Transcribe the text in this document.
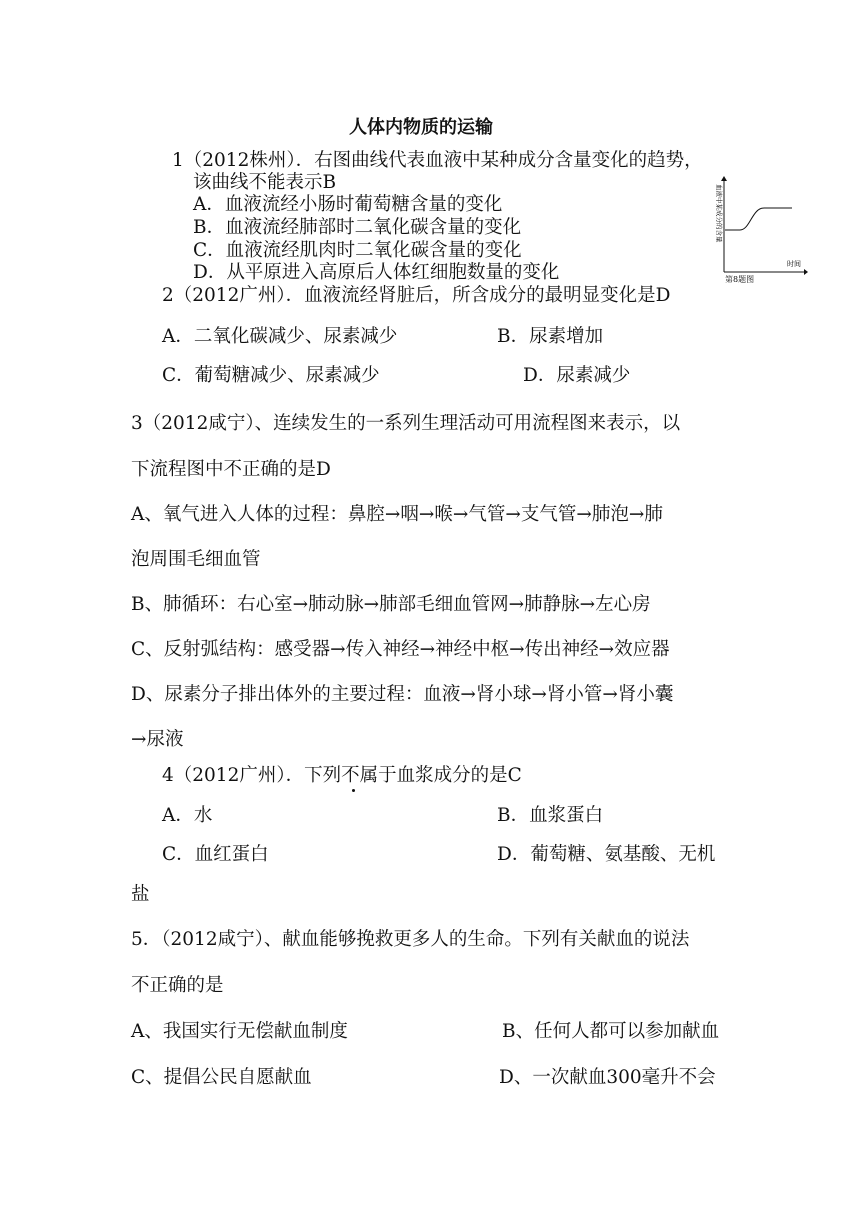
人体内物质的运输
1（2012株州）．右图曲线代表血液中某种成分含量变化的趋势，
该曲线不能表示B
A．血液流经小肠时葡萄糖含量的变化
B．血液流经肺部时二氧化碳含量的变化
C．血液流经肌肉时二氧化碳含量的变化
D．从平原进入高原后人体红细胞数量的变化
血液中某成分的含量
时间
第8题图
2（2012广州）．血液流经肾脏后，所含成分的最明显变化是D
A．二氧化碳减少、尿素减少	B．尿素增加
C．葡萄糖减少、尿素减少	D．尿素减少
3（2012咸宁）、连续发生的一系列生理活动可用流程图来表示，以
下流程图中不正确的是D
A、氧气进入人体的过程：鼻腔→咽→喉→气管→支气管→肺泡→肺
泡周围毛细血管
B、肺循环：右心室→肺动脉→肺部毛细血管网→肺静脉→左心房
C、反射弧结构：感受器→传入神经→神经中枢→传出神经→效应器
D、尿素分子排出体外的主要过程：血液→肾小球→肾小管→肾小囊
→尿液
4（2012广州）．下列不属于血浆成分的是C
A．水	B．血浆蛋白
C．血红蛋白	D．葡萄糖、氨基酸、无机
盐
5．（2012咸宁）、献血能够挽救更多人的生命。下列有关献血的说法
不正确的是
A、我国实行无偿献血制度	B、任何人都可以参加献血
C、提倡公民自愿献血	D、一次献血300毫升不会
